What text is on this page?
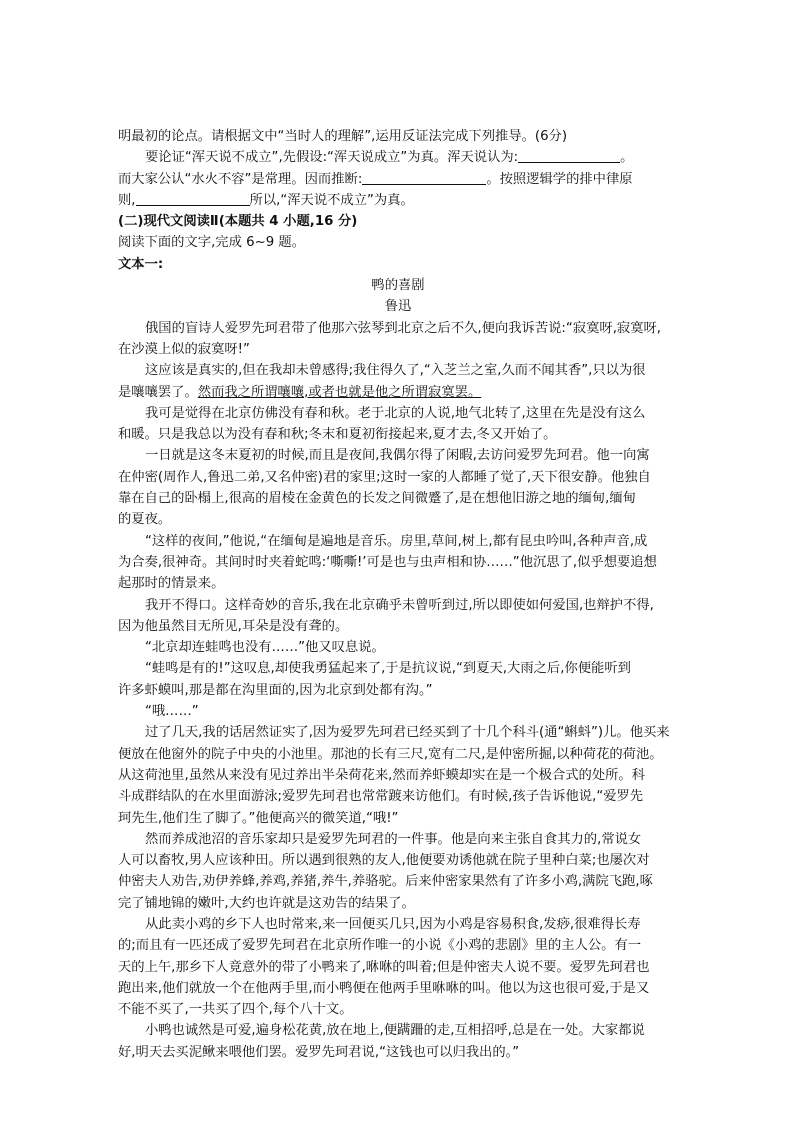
明最初的论点。请根据文中“当时人的理解”,运用反证法完成下列推导。(6分)

要论证“浑天说不成立”,先假设:“浑天说成立”为真。浑天说认为:	。

而大家公认“水火不容”是常理。因而推断:	。按照逻辑学的排中律原

则,	所以,“浑天说不成立”为真。

(二)现代文阅读Ⅱ(本题共 4 小题,16 分)

阅读下面的文字,完成 6~9 题。

文本一:

鸭的喜剧

鲁迅

俄国的盲诗人爱罗先珂君带了他那六弦琴到北京之后不久,便向我诉苦说:“寂寞呀,寂寞呀,

在沙漠上似的寂寞呀!”

这应该是真实的,但在我却未曾感得;我住得久了,“入芝兰之室,久而不闻其香”,只以为很

是嚷嚷罢了。然而我之所谓嚷嚷,或者也就是他之所谓寂寞罢。

我可是觉得在北京仿佛没有春和秋。老于北京的人说,地气北转了,这里在先是没有这么

和暖。只是我总以为没有春和秋;冬末和夏初衔接起来,夏才去,冬又开始了。

一日就是这冬末夏初的时候,而且是夜间,我偶尔得了闲暇,去访问爱罗先珂君。他一向寓

在仲密(周作人,鲁迅二弟,又名仲密)君的家里;这时一家的人都睡了觉了,天下很安静。他独自

靠在自己的卧榻上,很高的眉棱在金黄色的长发之间微蹙了,是在想他旧游之地的缅甸,缅甸

的夏夜。

“这样的夜间,”他说,“在缅甸是遍地是音乐。房里,草间,树上,都有昆虫吟叫,各种声音,成

为合奏,很神奇。其间时时夹着蛇鸣:‘嘶嘶!’可是也与虫声相和协……”他沉思了,似乎想要追想

起那时的情景来。

我开不得口。这样奇妙的音乐,我在北京确乎未曾听到过,所以即使如何爱国,也辩护不得,

因为他虽然目无所见,耳朵是没有聋的。

“北京却连蛙鸣也没有……”他又叹息说。

“蛙鸣是有的!”这叹息,却使我勇猛起来了,于是抗议说,“到夏天,大雨之后,你便能听到

许多虾蟆叫,那是都在沟里面的,因为北京到处都有沟。”

“哦……”

过了几天,我的话居然证实了,因为爱罗先珂君已经买到了十几个科斗(通“蝌蚪”)儿。他买来

便放在他窗外的院子中央的小池里。那池的长有三尺,宽有二尺,是仲密所掘,以种荷花的荷池。

从这荷池里,虽然从来没有见过养出半朵荷花来,然而养虾蟆却实在是一个极合式的处所。科

斗成群结队的在水里面游泳;爱罗先珂君也常常踱来访他们。有时候,孩子告诉他说,“爱罗先

珂先生,他们生了脚了。”他便高兴的微笑道,“哦!”

然而养成池沼的音乐家却只是爱罗先珂君的一件事。他是向来主张自食其力的,常说女

人可以畜牧,男人应该种田。所以遇到很熟的友人,他便要劝诱他就在院子里种白菜;也屡次对

仲密夫人劝告,劝伊养蜂,养鸡,养猪,养牛,养骆驼。后来仲密家果然有了许多小鸡,满院飞跑,啄

完了铺地锦的嫩叶,大约也许就是这劝告的结果了。

从此卖小鸡的乡下人也时常来,来一回便买几只,因为小鸡是容易积食,发痧,很难得长寿

的;而且有一匹还成了爱罗先珂君在北京所作唯一的小说《小鸡的悲剧》里的主人公。有一

天的上午,那乡下人竟意外的带了小鸭来了,咻咻的叫着;但是仲密夫人说不要。爱罗先珂君也

跑出来,他们就放一个在他两手里,而小鸭便在他两手里咻咻的叫。他以为这也很可爱,于是又

不能不买了,一共买了四个,每个八十文。

小鸭也诚然是可爱,遍身松花黄,放在地上,便蹒跚的走,互相招呼,总是在一处。大家都说

好,明天去买泥鳅来喂他们罢。爱罗先珂君说,“这钱也可以归我出的。”
